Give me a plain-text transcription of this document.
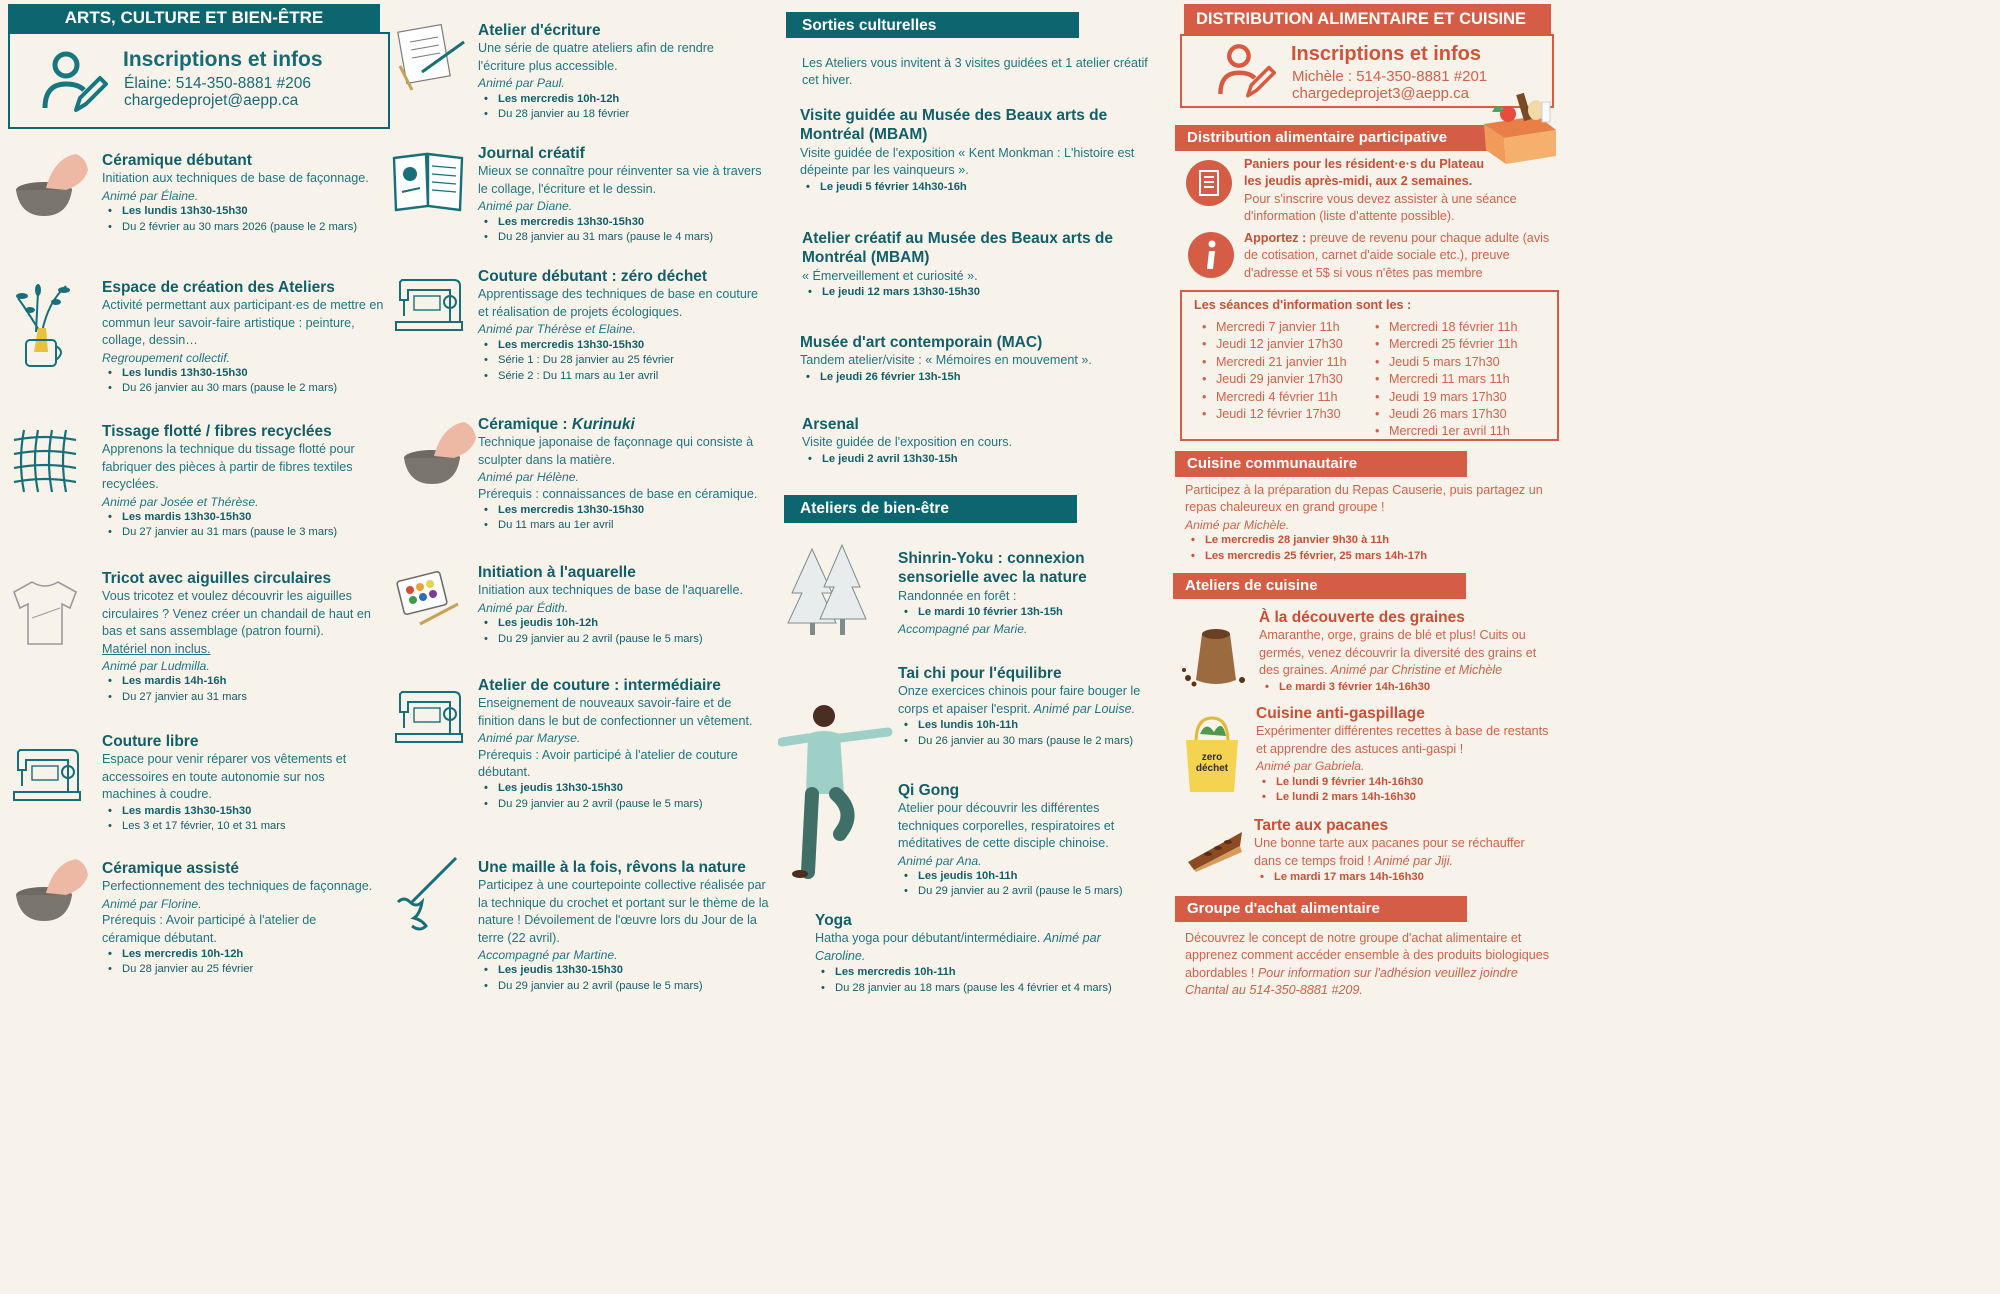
ARTS, CULTURE ET BIEN-ÊTRE
Inscriptions et infos
Élaine: 514-350-8881 #206
chargedeprojet@aepp.ca
Céramique débutant
Initiation aux techniques de base de façonnage.
Animé par Élaine.
• Les lundis 13h30-15h30
• Du 2 février au 30 mars 2026 (pause le 2 mars)
Espace de création des Ateliers
Activité permettant aux participant·es de mettre en commun leur savoir-faire artistique : peinture, collage, dessin…
Regroupement collectif.
• Les lundis 13h30-15h30
• Du 26 janvier au 30 mars (pause le 2 mars)
Tissage flotté / fibres recyclées
Apprenons la technique du tissage flotté pour fabriquer des pièces à partir de fibres textiles recyclées.
Animé par Josée et Thérèse.
• Les mardis 13h30-15h30
• Du 27 janvier au 31 mars (pause le 3 mars)
Tricot avec aiguilles circulaires
Vous tricotez et voulez découvrir les aiguilles circulaires ? Venez créer un chandail de haut en bas et sans assemblage (patron fourni).
Matériel non inclus.
Animé par Ludmilla.
• Les mardis 14h-16h
• Du 27 janvier au 31 mars
Couture libre
Espace pour venir réparer vos vêtements et accessoires en toute autonomie sur nos machines à coudre.
• Les mardis 13h30-15h30
• Les 3 et 17 février, 10 et 31 mars
Céramique assisté
Perfectionnement des techniques de façonnage.
Animé par Florine.
Prérequis : Avoir participé à l'atelier de céramique débutant.
• Les mercredis 10h-12h
• Du 28 janvier au 25 février
Atelier d'écriture
Une série de quatre ateliers afin de rendre l'écriture plus accessible.
Animé par Paul.
• Les mercredis 10h-12h
• Du 28 janvier au 18 février
Journal créatif
Mieux se connaître pour réinventer sa vie à travers le collage, l'écriture et le dessin.
Animé par Diane.
• Les mercredis 13h30-15h30
• Du 28 janvier au 31 mars (pause le 4 mars)
Couture débutant : zéro déchet
Apprentissage des techniques de base en couture et réalisation de projets écologiques.
Animé par Thérèse et Elaine.
• Les mercredis 13h30-15h30
• Série 1 : Du 28 janvier au 25 février
• Série 2 : Du 11 mars au 1er avril
Céramique : Kurinuki
Technique japonaise de façonnage qui consiste à sculpter dans la matière.
Animé par Hélène.
Prérequis : connaissances de base en céramique.
• Les mercredis 13h30-15h30
• Du 11 mars au 1er avril
Initiation à l'aquarelle
Initiation aux techniques de base de l'aquarelle.
Animé par Édith.
• Les jeudis 10h-12h
• Du 29 janvier au 2 avril (pause le 5 mars)
Atelier de couture : intermédiaire
Enseignement de nouveaux savoir-faire et de finition dans le but de confectionner un vêtement.
Animé par Maryse.
Prérequis : Avoir participé à l'atelier de couture débutant.
• Les jeudis 13h30-15h30
• Du 29 janvier au 2 avril (pause le 5 mars)
Une maille à la fois, rêvons la nature
Participez à une courtepointe collective réalisée par la technique du crochet et portant sur le thème de la nature ! Dévoilement de l'œuvre lors du Jour de la terre (22 avril).
Accompagné par Martine.
• Les jeudis 13h30-15h30
• Du 29 janvier au 2 avril (pause le 5 mars)
Sorties culturelles
Les Ateliers vous invitent à 3 visites guidées et 1 atelier créatif cet hiver.
Visite guidée au Musée des Beaux arts de Montréal (MBAM)
Visite guidée de l'exposition « Kent Monkman : L'histoire est dépeinte par les vainqueurs ».
• Le jeudi 5 février 14h30-16h
Atelier créatif au Musée des Beaux arts de Montréal (MBAM)
« Émerveillement et curiosité ».
• Le jeudi 12 mars 13h30-15h30
Musée d'art contemporain (MAC)
Tandem atelier/visite : « Mémoires en mouvement ».
• Le jeudi 26 février 13h-15h
Arsenal
Visite guidée de l'exposition en cours.
• Le jeudi 2 avril 13h30-15h
Ateliers de bien-être
Shinrin-Yoku : connexion sensorielle avec la nature
Randonnée en forêt :
• Le mardi 10 février 13h-15h
Accompagné par Marie.
Tai chi pour l'équilibre
Onze exercices chinois pour faire bouger le corps et apaiser l'esprit. Animé par Louise.
• Les lundis 10h-11h
• Du 26 janvier au 30 mars (pause le 2 mars)
Qi Gong
Atelier pour découvrir les différentes techniques corporelles, respiratoires et méditatives de cette disciple chinoise.
Animé par Ana.
• Les jeudis 10h-11h
• Du 29 janvier au 2 avril (pause le 5 mars)
Yoga
Hatha yoga pour débutant/intermédiaire. Animé par Caroline.
• Les mercredis 10h-11h
• Du 28 janvier au 18 mars (pause les 4 février et 4 mars)
DISTRIBUTION ALIMENTAIRE ET CUISINE
Inscriptions et infos
Michèle : 514-350-8881 #201
chargedeprojet3@aepp.ca
Distribution alimentaire participative
Paniers pour les résident·e·s du Plateau les jeudis après-midi, aux 2 semaines.
Pour s'inscrire vous devez assister à une séance d'information (liste d'attente possible).
Apportez : preuve de revenu pour chaque adulte (avis de cotisation, carnet d'aide sociale etc.), preuve d'adresse et 5$ si vous n'êtes pas membre
Les séances d'information sont les :
• Mercredi 7 janvier 11h
• Jeudi 12 janvier 17h30
• Mercredi 21 janvier 11h
• Jeudi 29 janvier 17h30
• Mercredi 4 février 11h
• Jeudi 12 février 17h30
• Mercredi 18 février 11h
• Mercredi 25 février 11h
• Jeudi 5 mars 17h30
• Mercredi 11 mars 11h
• Jeudi 19 mars 17h30
• Jeudi 26 mars 17h30
• Mercredi 1er avril 11h
Cuisine communautaire
Participez à la préparation du Repas Causerie, puis partagez un repas chaleureux en grand groupe !
Animé par Michèle.
• Le mercredis 28 janvier 9h30 à 11h
• Les mercredis 25 février, 25 mars 14h-17h
Ateliers de cuisine
zero
déchet
À la découverte des graines
Amaranthe, orge, grains de blé et plus! Cuits ou germés, venez découvrir la diversité des grains et des graines. Animé par Christine et Michèle
• Le mardi 3 février 14h-16h30
Cuisine anti-gaspillage
Expérimenter différentes recettes à base de restants et apprendre des astuces anti-gaspi !
Animé par Gabriela.
• Le lundi 9 février 14h-16h30
• Le lundi 2 mars 14h-16h30
Tarte aux pacanes
Une bonne tarte aux pacanes pour se réchauffer dans ce temps froid ! Animé par Jiji.
• Le mardi 17 mars 14h-16h30
Groupe d'achat alimentaire
Découvrez le concept de notre groupe d'achat alimentaire et apprenez comment accéder ensemble à des produits biologiques abordables ! Pour information sur l'adhésion veuillez joindre Chantal au 514-350-8881 #209.
